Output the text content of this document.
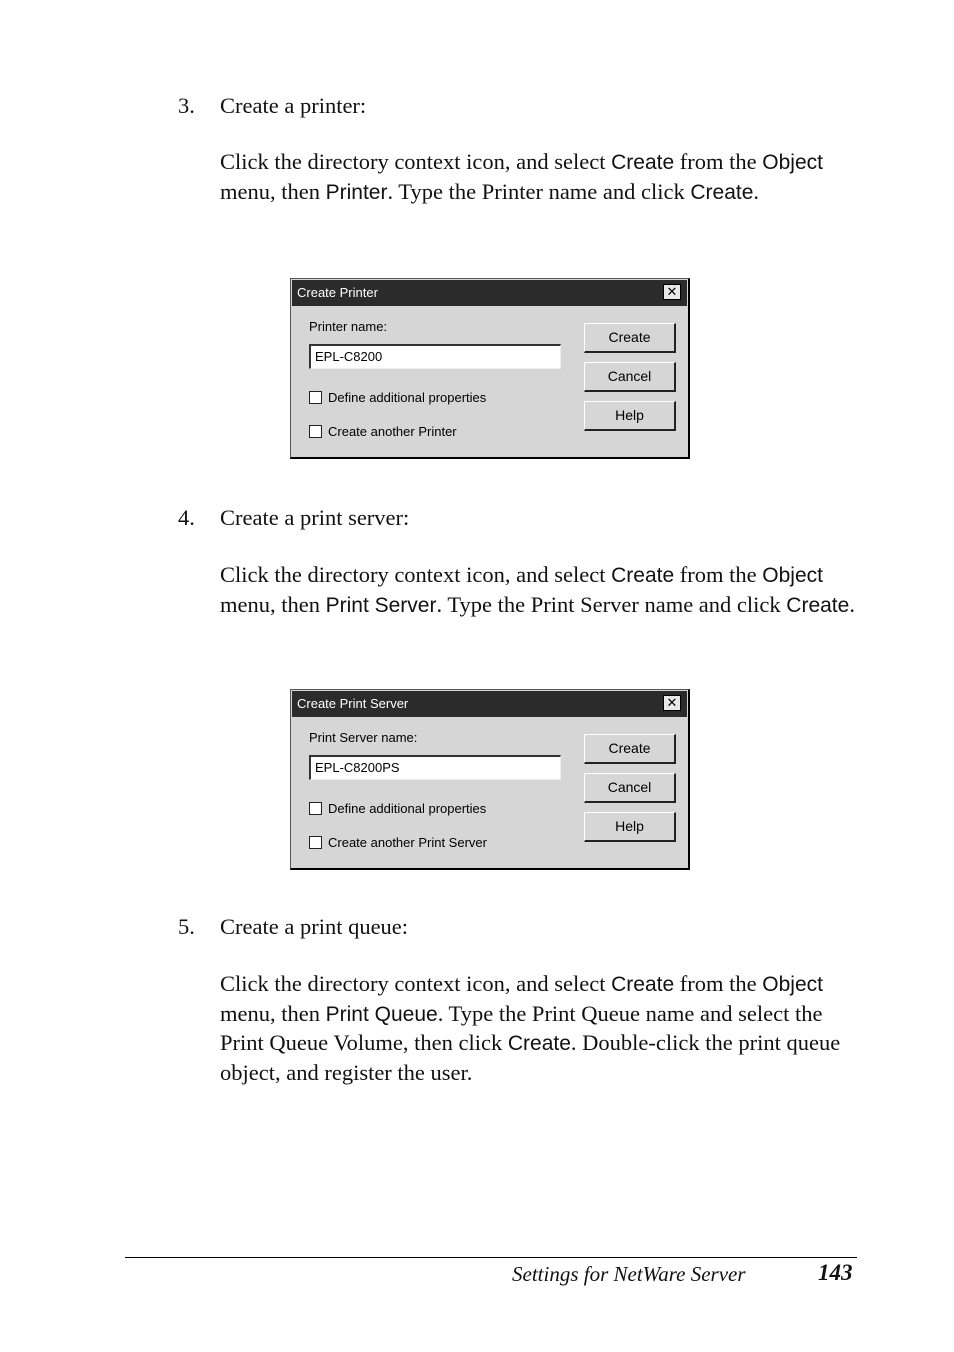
3. Create a printer:
Click the directory context icon, and select Create from the Object menu, then Printer. Type the Printer name and click Create.
Create Printer	✕
Printer name:
EPL-C8200
Define additional properties
Create another Printer
Create
Cancel
Help
4. Create a print server:
Click the directory context icon, and select Create from the Object menu, then Print Server. Type the Print Server name and click Create.
Create Print Server	✕
Print Server name:
EPL-C8200PS
Define additional properties
Create another Print Server
Create
Cancel
Help
5. Create a print queue:
Click the directory context icon, and select Create from the Object menu, then Print Queue. Type the Print Queue name and select the Print Queue Volume, then click Create. Double-click the print queue object, and register the user.
Settings for NetWare Server	143
